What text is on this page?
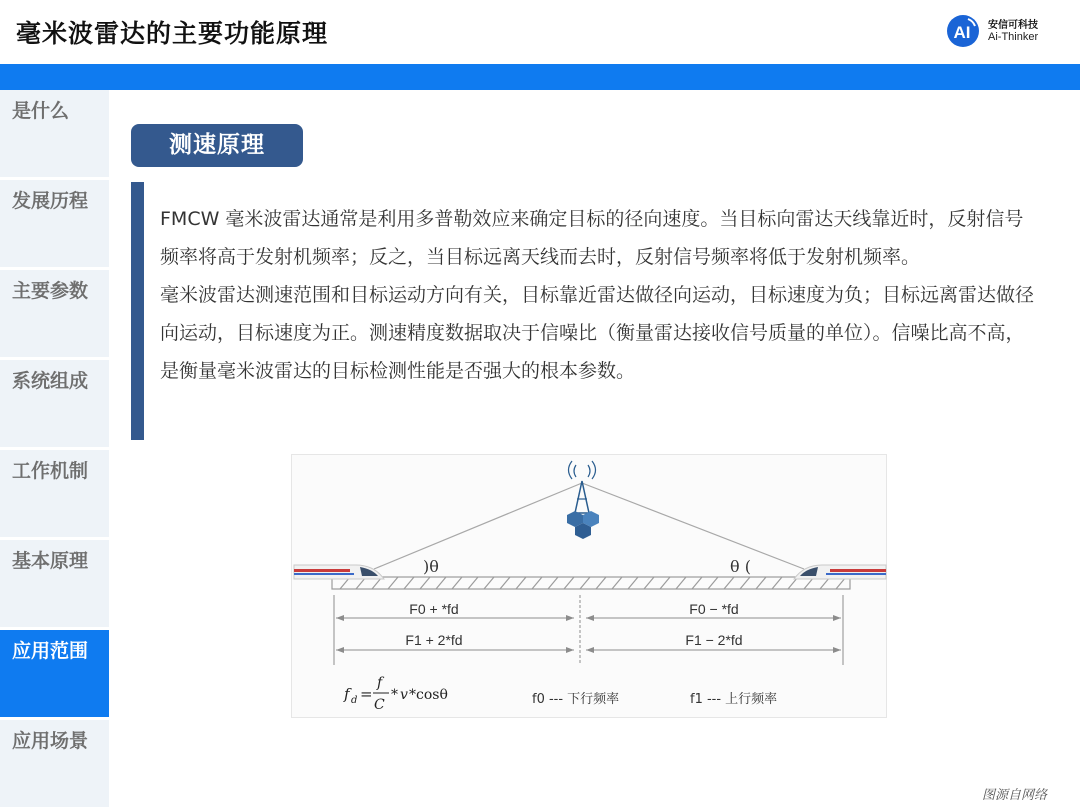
毫米波雷达的主要功能原理	AI 安信可科技
Ai-Thinker
是什么
发展历程
主要参数
系统组成
工作机制
基本原理
应用范围
应用场景
测速原理

FMCW 毫米波雷达通常是利用多普勒效应来确定目标的径向速度。当目标向雷达天线靠近时，反射信号频率将高于发射机频率；反之，当目标远离天线而去时，反射信号频率将低于发射机频率。

毫米波雷达测速范围和目标运动方向有关，目标靠近雷达做径向运动，目标速度为负；目标远离雷达做径向运动，目标速度为正。测速精度数据取决于信噪比（衡量雷达接收信号质量的单位）。信噪比高不高，是衡量毫米波雷达的目标检测性能是否强大的根本参数。

)θ	θ (
F0 + *fd
F1 + 2*fd
F0 − *fd
F1 − 2*fd
f d =
f
C
* v *cosθ	f0 --- 下行频率	f1 --- 上行频率
图源自网络
